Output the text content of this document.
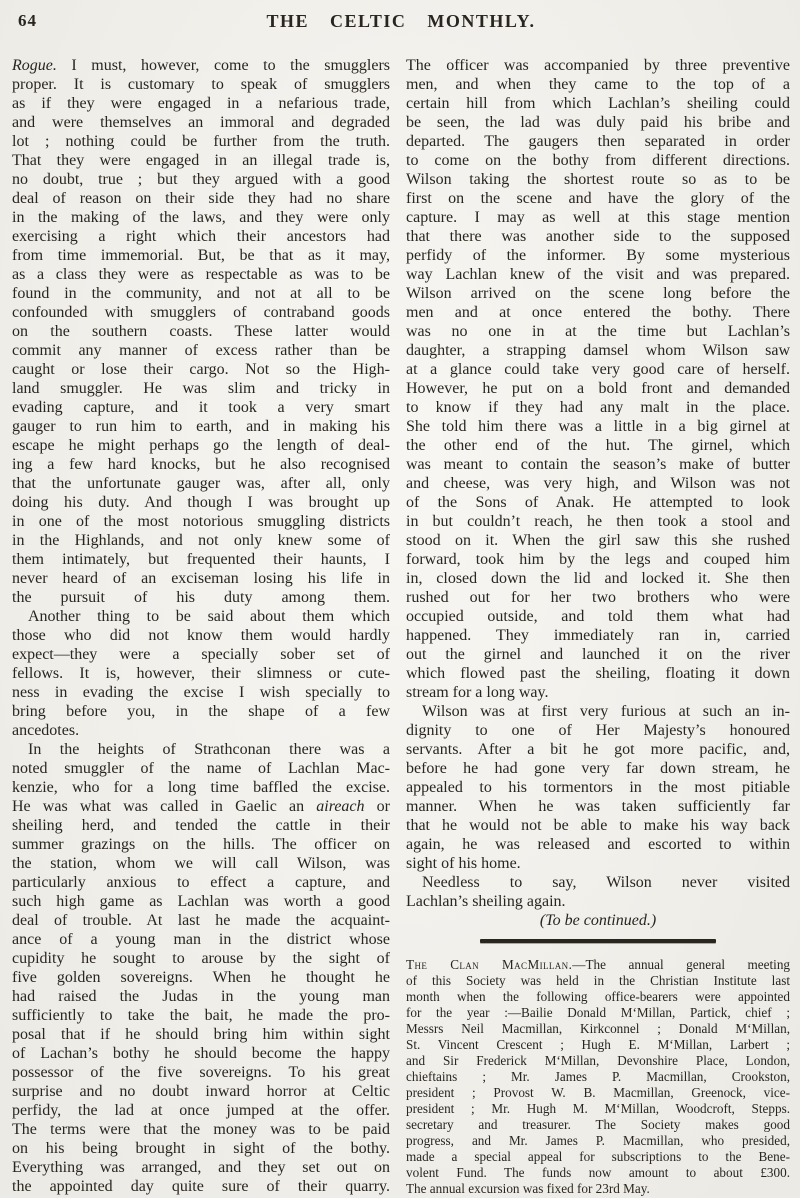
64	THE CELTIC MONTHLY.
Rogue. I must, however, come to the smugglers
proper. It is customary to speak of smugglers
as if they were engaged in a nefarious trade,
and were themselves an immoral and degraded
lot ; nothing could be further from the truth.
That they were engaged in an illegal trade is,
no doubt, true ; but they argued with a good
deal of reason on their side they had no share
in the making of the laws, and they were only
exercising a right which their ancestors had
from time immemorial. But, be that as it may,
as a class they were as respectable as was to be
found in the community, and not at all to be
confounded with smugglers of contraband goods
on the southern coasts. These latter would
commit any manner of excess rather than be
caught or lose their cargo. Not so the High-
land smuggler. He was slim and tricky in
evading capture, and it took a very smart
gauger to run him to earth, and in making his
escape he might perhaps go the length of deal-
ing a few hard knocks, but he also recognised
that the unfortunate gauger was, after all, only
doing his duty. And though I was brought up
in one of the most notorious smuggling districts
in the Highlands, and not only knew some of
them intimately, but frequented their haunts, I
never heard of an exciseman losing his life in
the pursuit of his duty among them.
Another thing to be said about them which
those who did not know them would hardly
expect—they were a specially sober set of
fellows. It is, however, their slimness or cute-
ness in evading the excise I wish specially to
bring before you, in the shape of a few
ancedotes.
In the heights of Strathconan there was a
noted smuggler of the name of Lachlan Mac-
kenzie, who for a long time baffled the excise.
He was what was called in Gaelic an aireach or
sheiling herd, and tended the cattle in their
summer grazings on the hills. The officer on
the station, whom we will call Wilson, was
particularly anxious to effect a capture, and
such high game as Lachlan was worth a good
deal of trouble. At last he made the acquaint-
ance of a young man in the district whose
cupidity he sought to arouse by the sight of
five golden sovereigns. When he thought he
had raised the Judas in the young man
sufficiently to take the bait, he made the pro-
posal that if he should bring him within sight
of Lachan’s bothy he should become the happy
possessor of the five sovereigns. To his great
surprise and no doubt inward horror at Celtic
perfidy, the lad at once jumped at the offer.
The terms were that the money was to be paid
on his being brought in sight of the bothy.
Everything was arranged, and they set out on
the appointed day quite sure of their quarry.
The officer was accompanied by three preventive
men, and when they came to the top of a
certain hill from which Lachlan’s sheiling could
be seen, the lad was duly paid his bribe and
departed. The gaugers then separated in order
to come on the bothy from different directions.
Wilson taking the shortest route so as to be
first on the scene and have the glory of the
capture. I may as well at this stage mention
that there was another side to the supposed
perfidy of the informer. By some mysterious
way Lachlan knew of the visit and was prepared.
Wilson arrived on the scene long before the
men and at once entered the bothy. There
was no one in at the time but Lachlan’s
daughter, a strapping damsel whom Wilson saw
at a glance could take very good care of herself.
However, he put on a bold front and demanded
to know if they had any malt in the place.
She told him there was a little in a big girnel at
the other end of the hut. The girnel, which
was meant to contain the season’s make of butter
and cheese, was very high, and Wilson was not
of the Sons of Anak. He attempted to look
in but couldn’t reach, he then took a stool and
stood on it. When the girl saw this she rushed
forward, took him by the legs and couped him
in, closed down the lid and locked it. She then
rushed out for her two brothers who were
occupied outside, and told them what had
happened. They immediately ran in, carried
out the girnel and launched it on the river
which flowed past the sheiling, floating it down
stream for a long way.
Wilson was at first very furious at such an in-
dignity to one of Her Majesty’s honoured
servants. After a bit he got more pacific, and,
before he had gone very far down stream, he
appealed to his tormentors in the most pitiable
manner. When he was taken sufficiently far
that he would not be able to make his way back
again, he was released and escorted to within
sight of his home.
Needless to say, Wilson never visited
Lachlan’s sheiling again.
(To be continued.)
The Clan MacMillan.—The annual general meeting
of this Society was held in the Christian Institute last
month when the following office-bearers were appointed
for the year :—Bailie Donald M‘Millan, Partick, chief ;
Messrs Neil Macmillan, Kirkconnel ; Donald M‘Millan,
St. Vincent Crescent ; Hugh E. M‘Millan, Larbert ;
and Sir Frederick M‘Millan, Devonshire Place, London,
chieftains ; Mr. James P. Macmillan, Crookston,
president ; Provost W. B. Macmillan, Greenock, vice-
president ; Mr. Hugh M. M‘Millan, Woodcroft, Stepps.
secretary and treasurer. The Society makes good
progress, and Mr. James P. Macmillan, who presided,
made a special appeal for subscriptions to the Bene-
volent Fund. The funds now amount to about £300.
The annual excursion was fixed for 23rd May.
